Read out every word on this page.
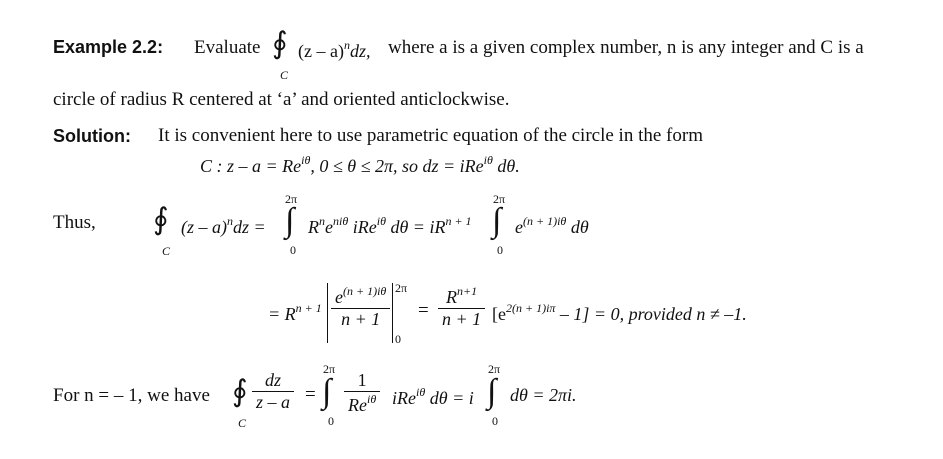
Example 2.2: Evaluate ∮
C
(z – a)$^n$dz, where a is a given complex number, n is any integer and C is a
circle of radius R centered at ‘a’ and oriented anticlockwise.
Solution: It is convenient here to use parametric equation of the circle in the form
C : $z - a = Re^{i\theta}$, 0 ≤ θ ≤ 2π, so dz = iRe$^{i\theta}$ dθ.
Thus, ∮
C
(z – a)$^n$dz =
2π
∫
0
$R^ne^{ni\theta}$ iRe$^{i\theta}$ $d\theta = iR^{n + 1}$
2π
∫
0
$e^{(n + 1)i\theta}$ dθ
= $R^{n + 1} \frac{e^{(n + 1)i\theta}}{n + 1} 2\pi$
0
= $\frac{R^{n+1}}{n + 1} [e^{2(n + 1)i\pi} - 1] = 0$, provided n ≠ –1.
For n = – 1, we have ∮
C
$\frac{dz}{z - a}$ =
2π
∫
0
$\frac{1}{Re^{i\theta}} iRe^{i\theta}$ dθ = i
2π
∫
0
dθ = 2πi.
